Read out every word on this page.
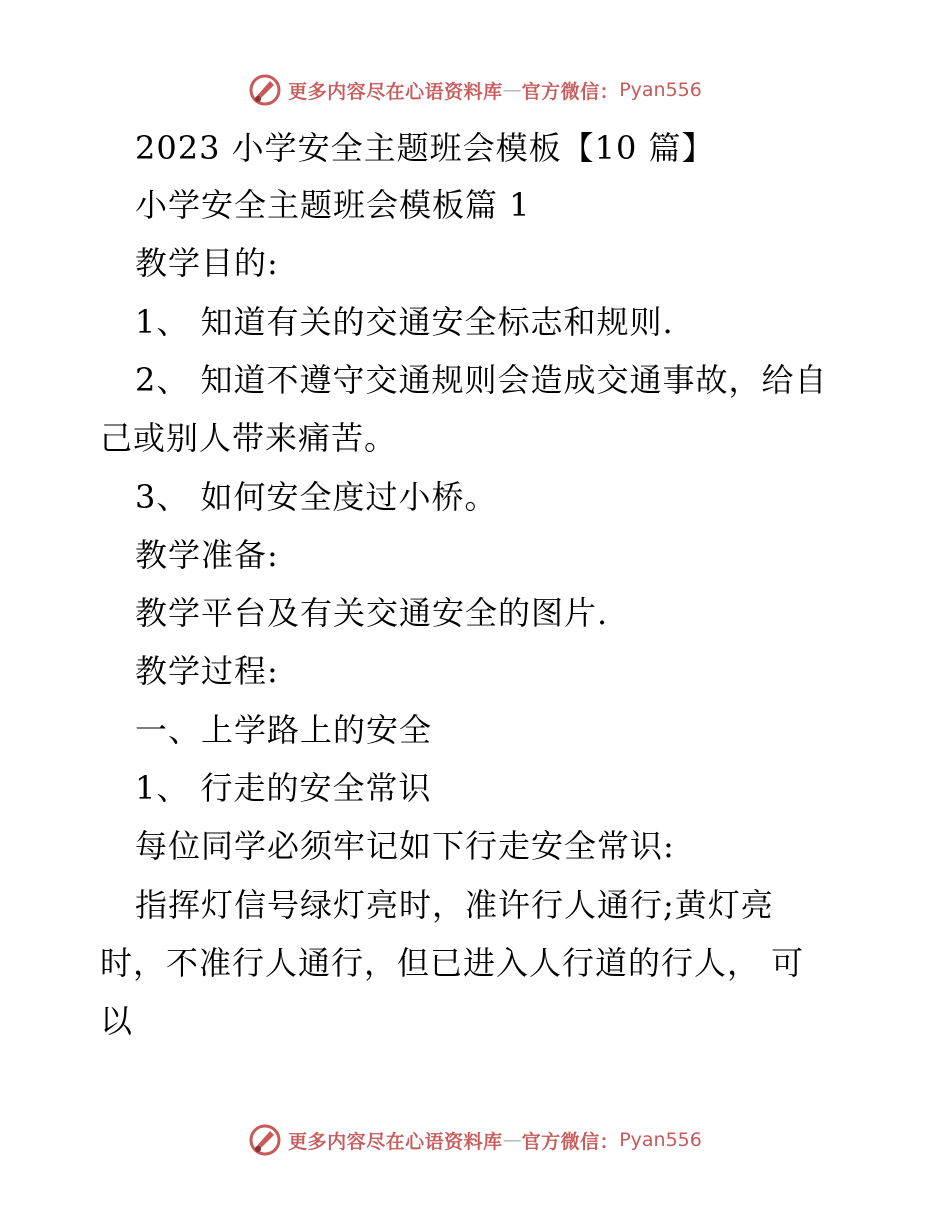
更多内容尽在心语资料库 — 官方微信： Pyan556
2023 小学安全主题班会模板【10 篇】
小学安全主题班会模板篇 1
教学目的:
1、 知道有关的交通安全标志和规则.
2、 知道不遵守交通规则会造成交通事故，给自
己或别人带来痛苦。
3、 如何安全度过小桥。
教学准备:
教学平台及有关交通安全的图片.
教学过程:
一、上学路上的安全
1、 行走的安全常识
每位同学必须牢记如下行走安全常识:
指挥灯信号绿灯亮时，准许行人通行;黄灯亮
时，不准行人通行，但已进入人行道的行人， 可
以
更多内容尽在心语资料库 — 官方微信： Pyan556
